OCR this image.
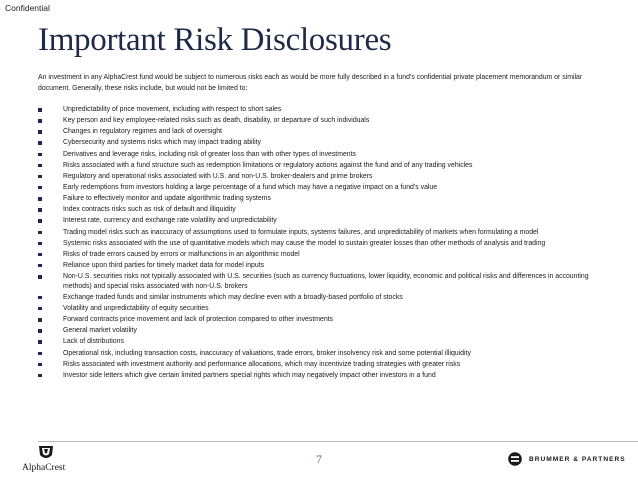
Confidential
Important Risk Disclosures

An investment in any AlphaCrest fund would be subject to numerous risks each as would be more fully described in a fund’s confidential private placement memorandum or similar document. Generally, these risks include, but would not be limited to:

Unpredictability of price movement, including with respect to short sales
Key person and key employee-related risks such as death, disability, or departure of such individuals
Changes in regulatory regimes and lack of oversight
Cybersecurity and systems risks which may impact trading ability
Derivatives and leverage risks, including risk of greater loss than with other types of investments
Risks associated with a fund structure such as redemption limitations or regulatory actions against the fund and of any trading vehicles
Regulatory and operational risks associated with U.S. and non-U.S. broker-dealers and prime brokers
Early redemptions from investors holding a large percentage of a fund which may have a negative impact on a fund’s value
Failure to effectively monitor and update algorithmic trading systems
Index contracts risks such as risk of default and illiquidity
Interest rate, currency and exchange rate volatility and unpredictability
Trading model risks such as inaccuracy of assumptions used to formulate inputs, systems failures, and unpredictability of markets when formulating a model
Systemic risks associated with the use of quantitative models which may cause the model to sustain greater losses than other methods of analysis and trading
Risks of trade errors caused by errors or malfunctions in an algorithmic model
Reliance upon third parties for timely market data for model inputs
Non-U.S. securities risks not typically associated with U.S. securities (such as currency fluctuations, lower liquidity, economic and political risks and differences in accounting methods) and special risks associated with non-U.S. brokers
Exchange traded funds and similar instruments which may decline even with a broadly-based portfolio of stocks
Volatility and unpredictability of equity securities
Forward contracts price movement and lack of protection compared to other investments
General market volatility
Lack of distributions
Operational risk, including transaction costs, inaccuracy of valuations, trade errors, broker insolvency risk and some potential illiquidity
Risks associated with investment authority and performance allocations, which may incentivize trading strategies with greater risks
Investor side letters which give certain limited partners special rights which may negatively impact other investors in a fund
AlphaCrest
7	BRUMMER & PARTNERS
